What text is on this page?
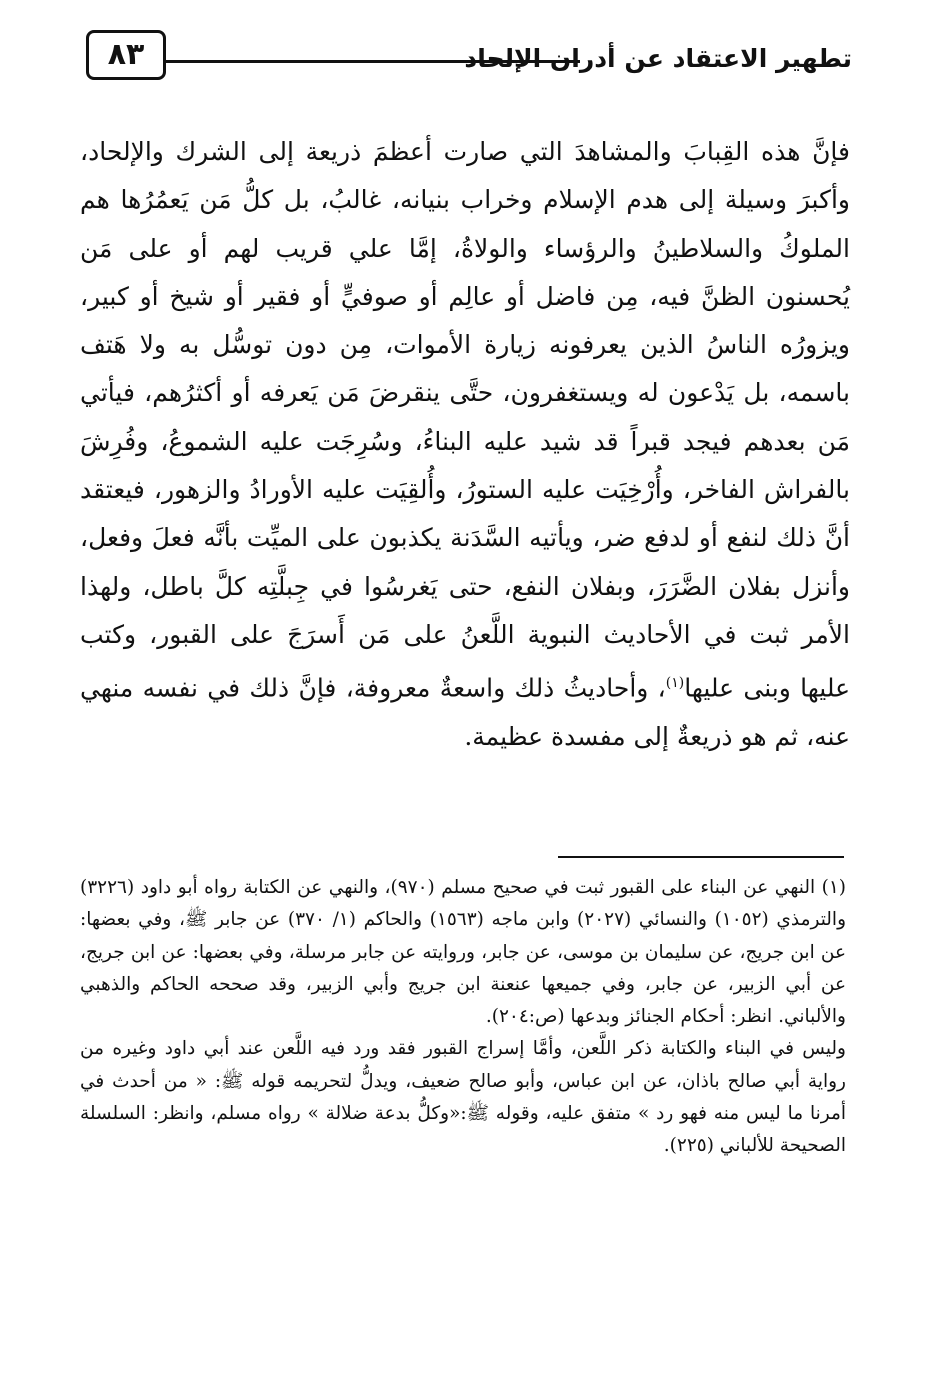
٨٣	تطهير الاعتقاد عن أدران الإلحاد

فإنَّ هذه القِبابَ والمشاهدَ التي صارت أعظمَ ذريعة إلى الشرك والإلحاد، وأكبرَ وسيلة إلى هدم الإسلام وخراب بنيانه، غالبُ، بل كلُّ مَن يَعمُرُها هم الملوكُ والسلاطينُ والرؤساء والولاةُ، إمَّا علي قريب لهم أو على مَن يُحسنون الظنَّ فيه، مِن فاضل أو عالِم أو صوفيٍّ أو فقير أو شيخ أو كبير، ويزورُه الناسُ الذين يعرفونه زيارة الأموات، مِن دون توسُّل به ولا هَتف باسمه، بل يَدْعون له ويستغفرون، حتَّى ينقرضَ مَن يَعرفه أو أكثرُهم، فيأتي مَن بعدهم فيجد قبراً قد شيد عليه البناءُ، وسُرِجَت عليه الشموعُ، وفُرِشَ بالفراش الفاخر، وأُرْخِيَت عليه الستورُ، وأُلقِيَت عليه الأورادُ والزهور، فيعتقد أنَّ ذلك لنفع أو لدفع ضر، ويأتيه السَّدَنة يكذبون على الميِّت بأنَّه فعلَ وفعل، وأنزل بفلان الضَّرَرَ، وبفلان النفع، حتى يَغرسُوا في جِبلَّتِه كلَّ باطل، ولهذا الأمر ثبت في الأحاديث النبوية اللَّعنُ على مَن أَسرَجَ على القبور، وكتب عليها وبنى عليها$^{(١)}$، وأحاديثُ ذلك واسعةٌ معروفة، فإنَّ ذلك في نفسه منهي عنه، ثم هو ذريعةٌ إلى مفسدة عظيمة.

(١) النهي عن البناء على القبور ثبت في صحيح مسلم (٩٧٠)، والنهي عن الكتابة رواه أبو داود (٣٢٢٦) والترمذي (١٠٥٢) والنسائي (٢٠٢٧) وابن ماجه (١٥٦٣) والحاكم (١/ ٣٧٠) عن جابر ﷺ، وفي بعضها: عن ابن جريج، عن سليمان بن موسى، عن جابر، وروايته عن جابر مرسلة، وفي بعضها: عن ابن جريج، عن أبي الزبير، عن جابر، وفي جميعها عنعنة ابن جريج وأبي الزبير، وقد صححه الحاكم والذهبي والألباني. انظر: أحكام الجنائز وبدعها (ص:٢٠٤).

وليس في البناء والكتابة ذكر اللَّعن، وأمَّا إسراج القبور فقد ورد فيه اللَّعن عند أبي داود وغيره من رواية أبي صالح باذان، عن ابن عباس، وأبو صالح ضعيف، ويدلُّ لتحريمه قوله ﷺ: « من أحدث في أمرنا ما ليس منه فهو رد » متفق عليه، وقوله ﷺ:«وكلُّ بدعة ضلالة » رواه مسلم، وانظر: السلسلة الصحيحة للألباني (٢٢٥).
